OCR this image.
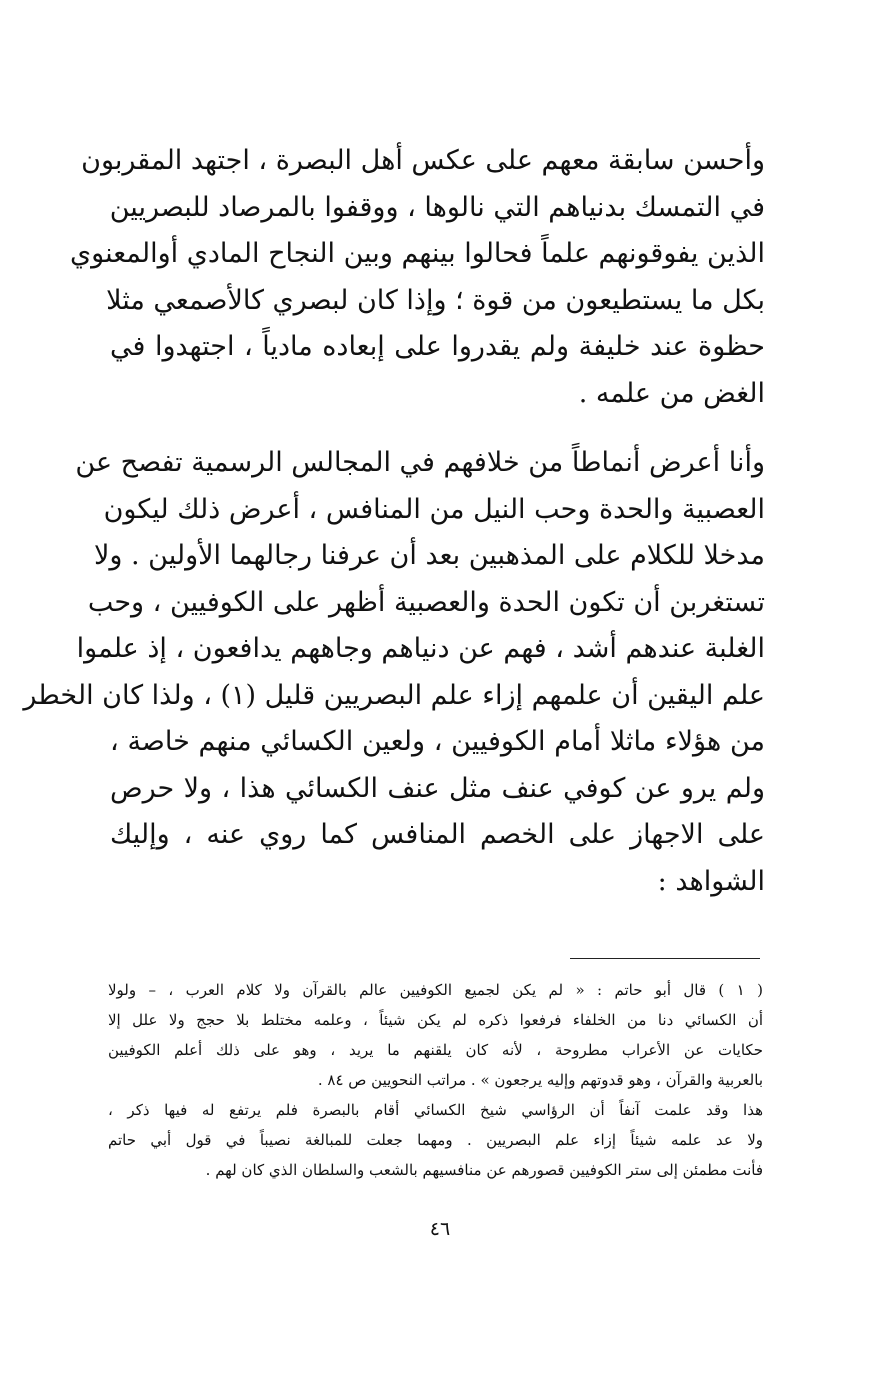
وأحسن سابقة معهم على عكس أهل البصرة ، اجتهد المقربون
في التمسك بدنياهم التي نالوها ، ووقفوا بالمرصاد للبصريين
الذين يفوقونهم علماً فحالوا بينهم وبين النجاح المادي أوالمعنوي
بكل ما يستطيعون من قوة ؛ وإذا كان لبصري كالأصمعي مثلا
حظوة عند خليفة ولم يقدروا على إبعاده مادياً ، اجتهدوا في
الغض من علمه .
وأنا أعرض أنماطاً من خلافهم في المجالس الرسمية تفصح عن
العصبية والحدة وحب النيل من المنافس ، أعرض ذلك ليكون
مدخلا للكلام على المذهبين بعد أن عرفنا رجالهما الأولين . ولا
تستغربن أن تكون الحدة والعصبية أظهر على الكوفيين ، وحب
الغلبة عندهم أشد ، فهم عن دنياهم وجاههم يدافعون ، إذ علموا
علم اليقين أن علمهم إزاء علم البصريين قليل (١) ، ولذا كان الخطر
من هؤلاء ماثلا أمام الكوفيين ، ولعين الكسائي منهم خاصة ،
ولم يرو عن كوفي عنف مثل عنف الكسائي هذا ، ولا حرص
على الاجهاز على الخصم المنافس كما روي عنه ، وإليك
الشواهد :
( ١ ) قال أبو حاتم : « لم يكن لجميع الكوفيين عالم بالقرآن ولا كلام العرب ، – ولولا
أن الكسائي دنا من الخلفاء فرفعوا ذكره لم يكن شيئاً ، وعلمه مختلط بلا حجج ولا علل إلا
حكايات عن الأعراب مطروحة ، لأنه كان يلقنهم ما يريد ، وهو على ذلك أعلم الكوفيين
بالعربية والقرآن ، وهو قدوتهم وإليه يرجعون » . مراتب النحويين ص ٨٤ .
هذا وقد علمت آنفاً أن الرؤاسي شيخ الكسائي أقام بالبصرة فلم يرتفع له فيها ذكر ،
ولا عد علمه شيئاً إزاء علم البصريين . ومهما جعلت للمبالغة نصيباً في قول أبي حاتم
فأنت مطمئن إلى ستر الكوفيين قصورهم عن منافسيهم بالشعب والسلطان الذي كان لهم .
٤٦
